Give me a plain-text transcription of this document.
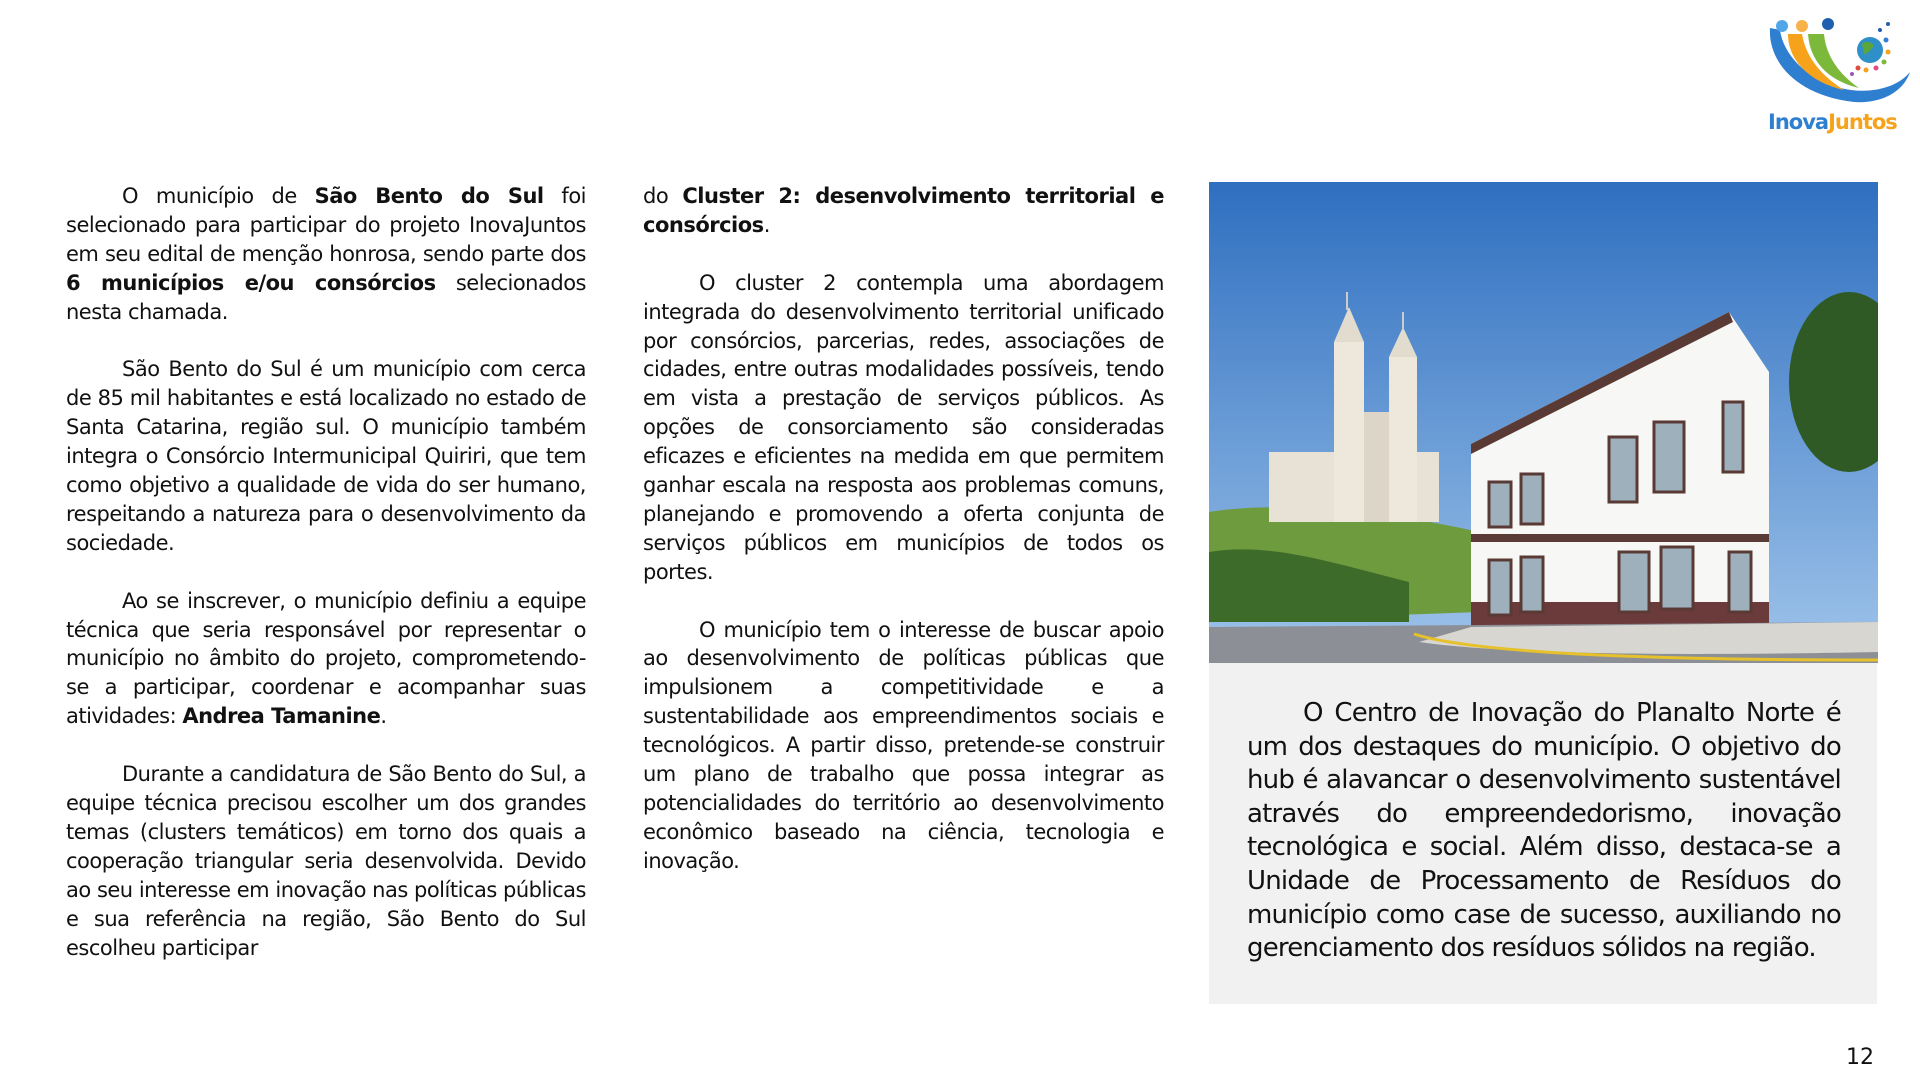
InovaJuntos

O município de São Bento do Sul foi selecionado para participar do projeto InovaJuntos em seu edital de menção honrosa, sendo parte dos 6 municípios e/ou consórcios selecionados nesta chamada.

São Bento do Sul é um município com cerca de 85 mil habitantes e está localizado no estado de Santa Catarina, região sul. O município também integra o Consórcio Intermunicipal Quiriri, que tem como objetivo a qualidade de vida do ser humano, respeitando a natureza para o desenvolvimento da sociedade.

Ao se inscrever, o município definiu a equipe técnica que seria responsável por representar o município no âmbito do projeto, comprometendo-se a participar, coordenar e acompanhar suas atividades: Andrea Tamanine.

Durante a candidatura de São Bento do Sul, a equipe técnica precisou escolher um dos grandes temas (clusters temáticos) em torno dos quais a cooperação triangular seria desenvolvida. Devido ao seu interesse em inovação nas políticas públicas e sua referência na região, São Bento do Sul escolheu participar

do Cluster 2: desenvolvimento territorial e consórcios.

O cluster 2 contempla uma abordagem integrada do desenvolvimento territorial unificado por consórcios, parcerias, redes, associações de cidades, entre outras modalidades possíveis, tendo em vista a prestação de serviços públicos. As opções de consorciamento são consideradas eficazes e eficientes na medida em que permitem ganhar escala na resposta aos problemas comuns, planejando e promovendo a oferta conjunta de serviços públicos em municípios de todos os portes.

O município tem o interesse de buscar apoio ao desenvolvimento de políticas públicas que impulsionem a competitividade e a sustentabilidade aos empreendimentos sociais e tecnológicos. A partir disso, pretende-se construir um plano de trabalho que possa integrar as potencialidades do território ao desenvolvimento econômico baseado na ciência, tecnologia e inovação.

O Centro de Inovação do Planalto Norte é um dos destaques do município. O objetivo do hub é alavancar o desenvolvimento sustentável através do empreendedorismo, inovação tecnológica e social. Além disso, destaca-se a Unidade de Processamento de Resíduos do município como case de sucesso, auxiliando no gerenciamento dos resíduos sólidos na região.

12
